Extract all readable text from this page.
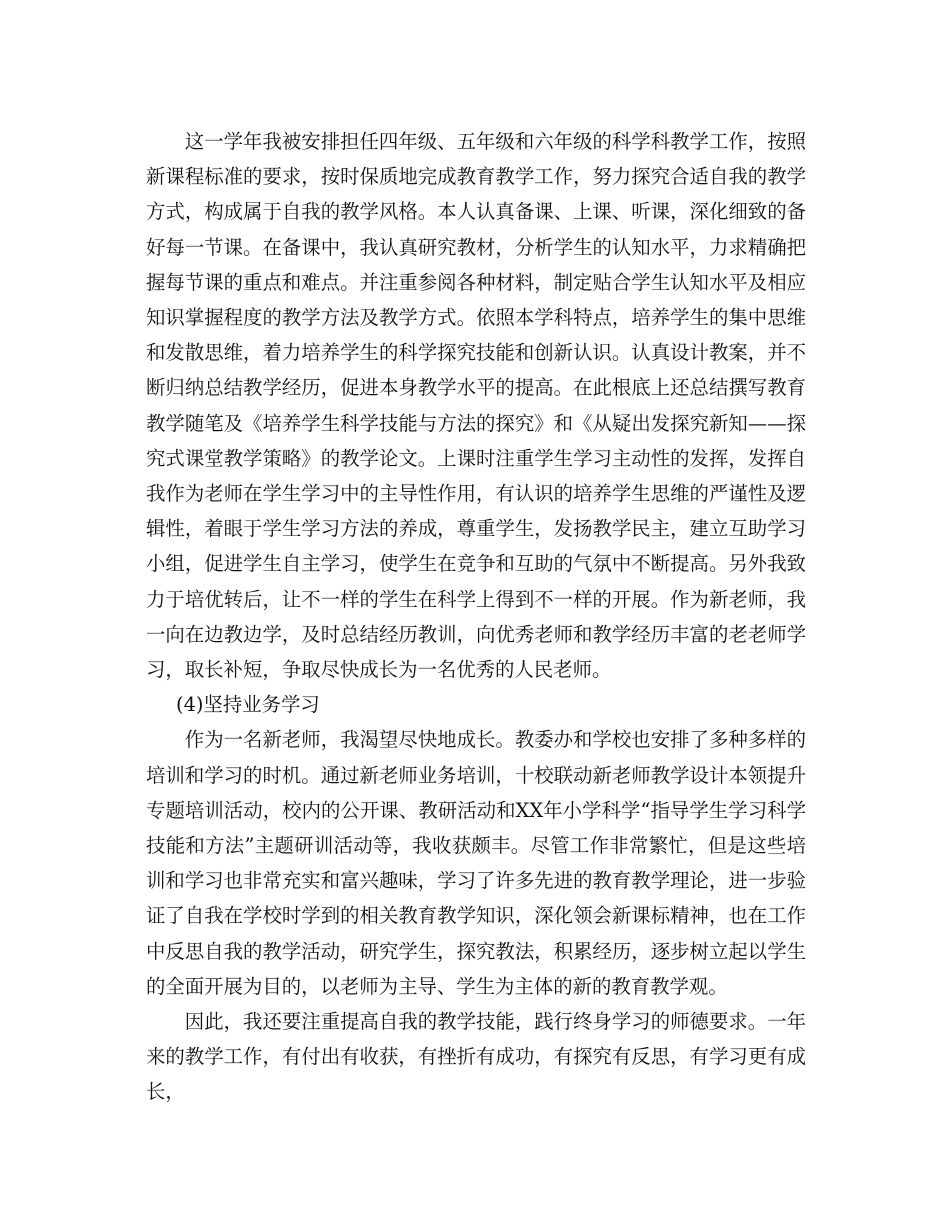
这一学年我被安排担任四年级、五年级和六年级的科学科教学工作，按照新课程标准的要求，按时保质地完成教育教学工作，努力探究合适自我的教学方式，构成属于自我的教学风格。本人认真备课、上课、听课，深化细致的备好每一节课。在备课中，我认真研究教材，分析学生的认知水平，力求精确把握每节课的重点和难点。并注重参阅各种材料，制定贴合学生认知水平及相应知识掌握程度的教学方法及教学方式。依照本学科特点，培养学生的集中思维和发散思维，着力培养学生的科学探究技能和创新认识。认真设计教案，并不断归纳总结教学经历，促进本身教学水平的提高。在此根底上还总结撰写教育教学随笔及《培养学生科学技能与方法的探究》和《从疑出发探究新知——探究式课堂教学策略》的教学论文。上课时注重学生学习主动性的发挥，发挥自我作为老师在学生学习中的主导性作用，有认识的培养学生思维的严谨性及逻辑性，着眼于学生学习方法的养成，尊重学生，发扬教学民主，建立互助学习小组，促进学生自主学习，使学生在竞争和互助的气氛中不断提高。另外我致力于培优转后，让不一样的学生在科学上得到不一样的开展。作为新老师，我一向在边教边学，及时总结经历教训，向优秀老师和教学经历丰富的老老师学习，取长补短，争取尽快成长为一名优秀的人民老师。

(4)坚持业务学习

作为一名新老师，我渴望尽快地成长。教委办和学校也安排了多种多样的培训和学习的时机。通过新老师业务培训，十校联动新老师教学设计本领提升专题培训活动，校内的公开课、教研活动和XX年小学科学“指导学生学习科学技能和方法”主题研训活动等，我收获颇丰。尽管工作非常繁忙，但是这些培训和学习也非常充实和富兴趣味，学习了许多先进的教育教学理论，进一步验证了自我在学校时学到的相关教育教学知识，深化领会新课标精神，也在工作中反思自我的教学活动，研究学生，探究教法，积累经历，逐步树立起以学生的全面开展为目的，以老师为主导、学生为主体的新的教育教学观。

因此，我还要注重提高自我的教学技能，践行终身学习的师德要求。一年来的教学工作，有付出有收获，有挫折有成功，有探究有反思，有学习更有成长，
